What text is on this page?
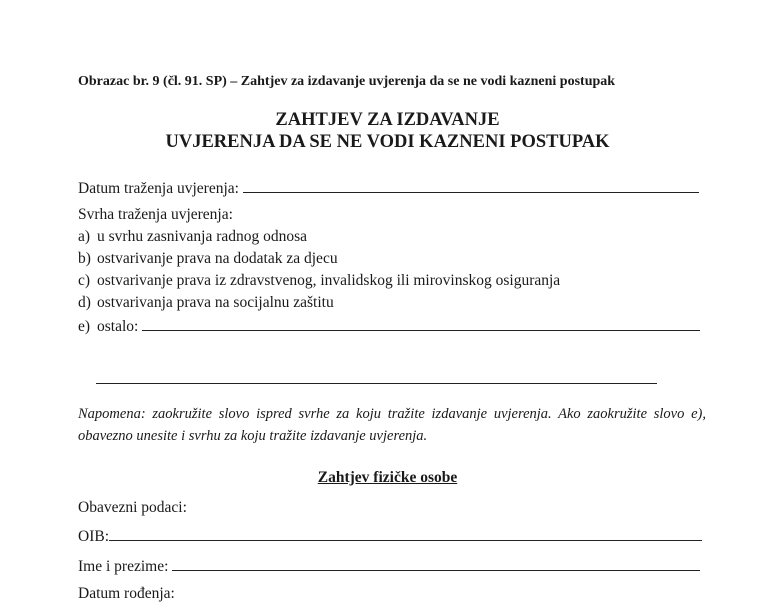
Obrazac br. 9 (čl. 91. SP) – Zahtjev za izdavanje uvjerenja da se ne vodi kazneni postupak
ZAHTJEV ZA IZDAVANJE
UVJERENJA DA SE NE VODI KAZNENI POSTUPAK
Datum traženja uvjerenja:
Svrha traženja uvjerenja:
a) u svrhu zasnivanja radnog odnosa
b) ostvarivanje prava na dodatak za djecu
c) ostvarivanje prava iz zdravstvenog, invalidskog ili mirovinskog osiguranja
d) ostvarivanja prava na socijalnu zaštitu
e) ostalo:
Napomena: zaokružite slovo ispred svrhe za koju tražite izdavanje uvjerenja. Ako zaokružite slovo e), obavezno unesite i svrhu za koju tražite izdavanje uvjerenja.
Zahtjev fizičke osobe
Obavezni podaci:
OIB:
Ime i prezime:
Datum rođenja:
